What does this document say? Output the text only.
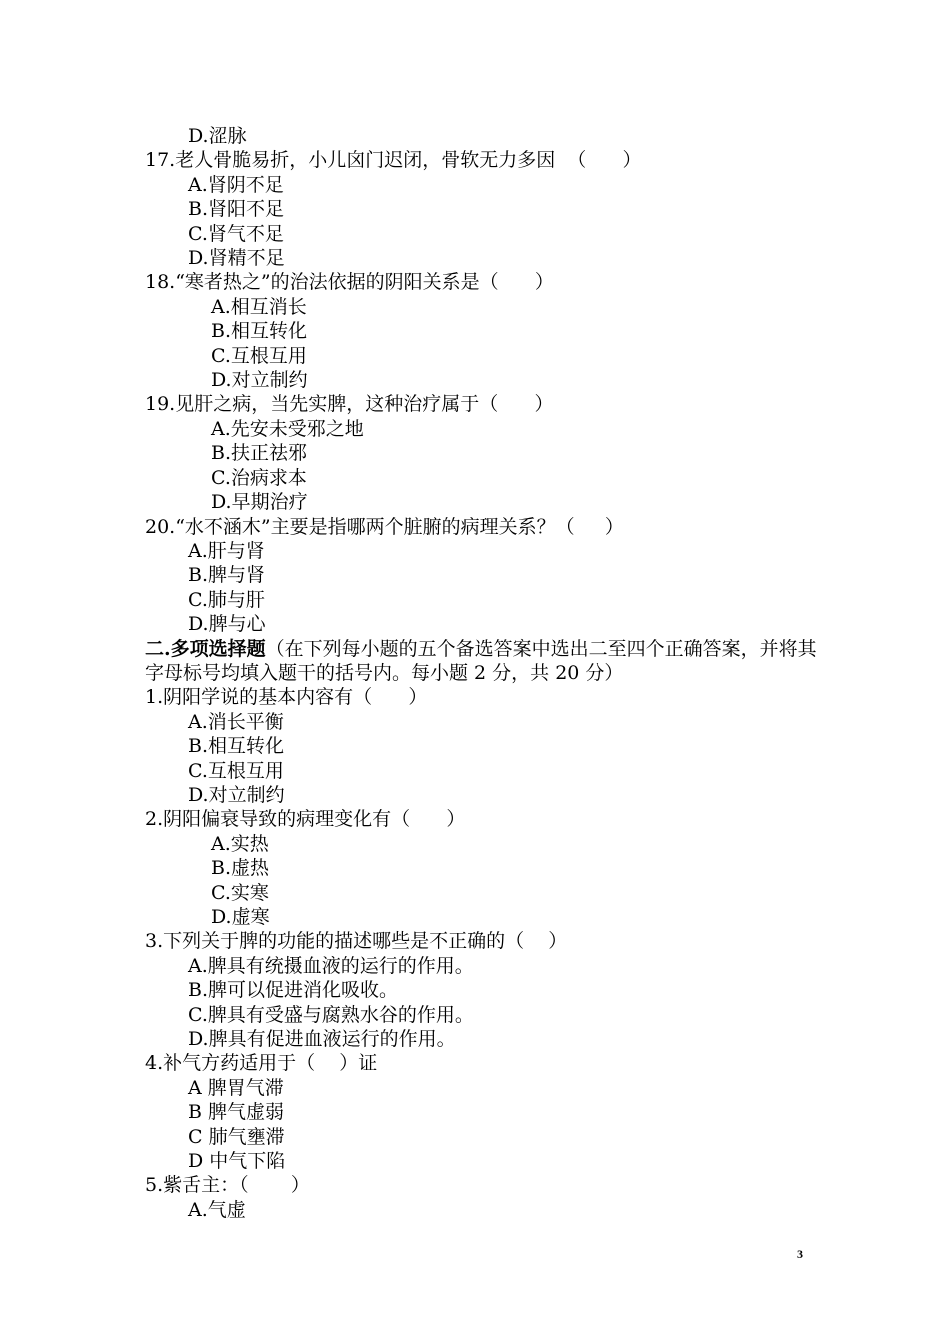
D.涩脉
17.老人骨脆易折，小儿囟门迟闭，骨软无力多因  （      ）
A.肾阴不足
B.肾阳不足
C.肾气不足
D.肾精不足
18.“寒者热之”的治法依据的阴阳关系是（      ）
A.相互消长
B.相互转化
C.互根互用
D.对立制约
19.见肝之病，当先实脾，这种治疗属于（      ）
A.先安未受邪之地
B.扶正祛邪
C.治病求本
D.早期治疗
20.“水不涵木”主要是指哪两个脏腑的病理关系？（     ）
A.肝与肾
B.脾与肾
C.肺与肝
D.脾与心
二.多项选择题（在下列每小题的五个备选答案中选出二至四个正确答案，并将其字母标号均填入题干的括号内。每小题 2 分，共 20 分）
1.阴阳学说的基本内容有（      ）
A.消长平衡
B.相互转化
C.互根互用
D.对立制约
2.阴阳偏衰导致的病理变化有（      ）
A.实热
B.虚热
C.实寒
D.虚寒
3.下列关于脾的功能的描述哪些是不正确的（    ）
A.脾具有统摄血液的运行的作用。
B.脾可以促进消化吸收。
C.脾具有受盛与腐熟水谷的作用。
D.脾具有促进血液运行的作用。
4.补气方药适用于（    ）证
A 脾胃气滞
B 脾气虚弱
C 肺气壅滞
D 中气下陷
5.紫舌主：（       ）
A.气虚
3
